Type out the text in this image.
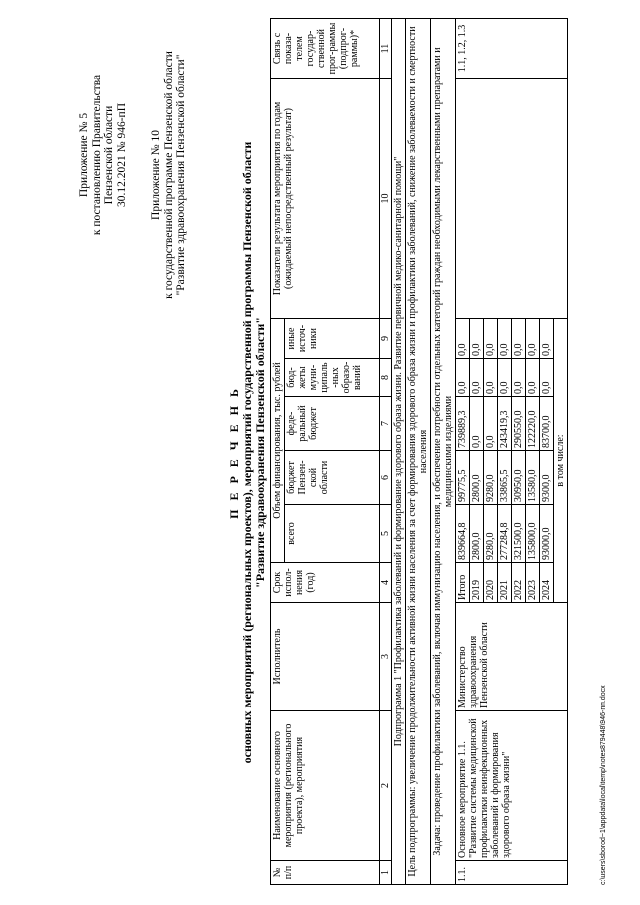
Приложение № 5 к постановлению Правительства Пензенской области 30.12.2021 № 946-пП Приложение № 10 к государственной программе Пензенской области "Развитие здравоохранения Пензенской области"
П Е Р Е Ч Е Н Ь основных мероприятий (региональных проектов), мероприятий государственной программы Пензенской области "Развитие здравоохранения Пензенской области"
№ п/п	Наименование основного мероприятия (регионального проекта), мероприятия	Исполнитель	Срок испол-нения (год)	Объем финансирования, тыс. рублей					Показатели результата мероприятия по годам (ожидаемый непосредственный результат)	Связь с показа-телем государ-ственной прог-раммы (подпрог-раммы)*
				всего	бюджет Пензен-ской области	феде-ральный бюджет	бюд-жеты муни-ципаль-ных образо-ваний	иные источ-ники		
1	2	3	4	5	6	7	8	9	10	11
Подпрограмма 1 "Профилактика заболеваний и формирование здорового образа жизни. Развитие первичной медико-санитарной помощи"										
Цель подпрограммы: увеличение продолжительности активной жизни населения за счет формирования здорового образа жизни и профилактики заболеваний, снижение заболеваемости и смертности населения										
Задача: проведение профилактики заболеваний, включая иммунизацию населения, и обеспечение потребности отдельных категорий граждан необходимыми лекарственными препаратами и медицинскими изделиями										
1.1.	Основное мероприятие 1.1. "Развитие системы медицинской профилактики неинфекционных заболеваний и формирования здорового образа жизни"	Министерство здравоохранения Пензенской области	Итого	839664,8	99775,5	739889,3	0,0	0,0		1.1, 1.2, 1.3
			2019	2800,0	2800,0	0,0	0,0	0,0		
			2020	9280,0	9280,0	0,0	0,0	0,0		
			2021	277284,8	33865,5	243419,3	0,0	0,0		
			2022	321500,0	30950,0	290550,0	0,0	0,0		
			2023	135800,0	13580,0	122220,0	0,0	0,0		
			2024	93000,0	9300,0	83700,0	0,0	0,0		
			в том числе:							
c:\users\sborod~1\appdata\local\temp\notes879448\946-пп.docx
